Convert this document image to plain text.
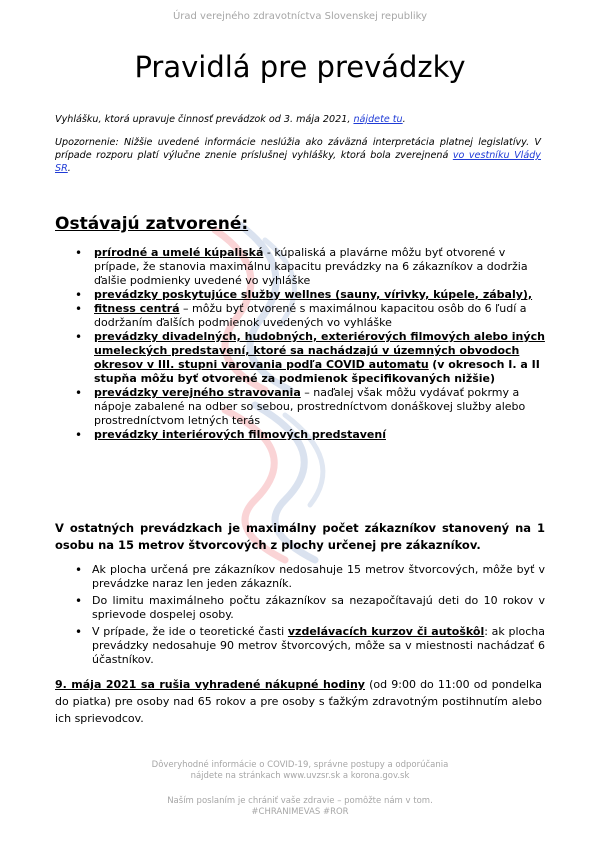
Úrad verejného zdravotníctva Slovenskej republiky
Pravidlá pre prevádzky

Vyhlášku, ktorá upravuje činnosť prevádzok od 3. mája 2021, nájdete tu.

Upozornenie: Nižšie uvedené informácie neslúžia ako záväzná interpretácia platnej legislatívy. V prípade rozporu platí výlučne znenie príslušnej vyhlášky, ktorá bola zverejnená vo vestníku Vlády SR.

Ostávajú zatvorené:
• prírodné a umelé kúpaliská - kúpaliská a plavárne môžu byť otvorené v prípade, že stanovia maximálnu kapacitu prevádzky na 6 zákazníkov a dodržia ďalšie podmienky uvedené vo vyhláške
• prevádzky poskytujúce služby wellnes (sauny, vírivky, kúpele, zábaly),
• fitness centrá – môžu byť otvorené s maximálnou kapacitou osôb do 6 ľudí a dodržaním ďalších podmienok uvedených vo vyhláške
• prevádzky divadelných, hudobných, exteriérových filmových alebo iných umeleckých predstavení, ktoré sa nachádzajú v územných obvodoch okresov v III. stupni varovania podľa COVID automatu (v okresoch I. a II stupňa môžu byť otvorené za podmienok špecifikovaných nižšie)
• prevádzky verejného stravovania – naďalej však môžu vydávať pokrmy a nápoje zabalené na odber so sebou, prostredníctvom donáškovej služby alebo prostredníctvom letných terás
• prevádzky interiérových filmových predstavení

V ostatných prevádzkach je maximálny počet zákazníkov stanovený na 1 osobu na 15 metrov štvorcových z plochy určenej pre zákazníkov.

• Ak plocha určená pre zákazníkov nedosahuje 15 metrov štvorcových, môže byť v prevádzke naraz len jeden zákazník.
• Do limitu maximálneho počtu zákazníkov sa nezapočítavajú deti do 10 rokov v sprievode dospelej osoby.
• V prípade, že ide o teoretické časti vzdelávacích kurzov či autoškôl: ak plocha prevádzky nedosahuje 90 metrov štvorcových, môže sa v miestnosti nachádzať 6 účastníkov.

9. mája 2021 sa rušia vyhradené nákupné hodiny (od 9:00 do 11:00 od pondelka do piatka) pre osoby nad 65 rokov a pre osoby s ťažkým zdravotným postihnutím alebo ich sprievodcov.

Dôveryhodné informácie o COVID-19, správne postupy a odporúčania

nájdete na stránkach www.uvzsr.sk a korona.gov.sk

Naším poslaním je chrániť vaše zdravie – pomôžte nám v tom.

#CHRANIMEVAS #ROR
